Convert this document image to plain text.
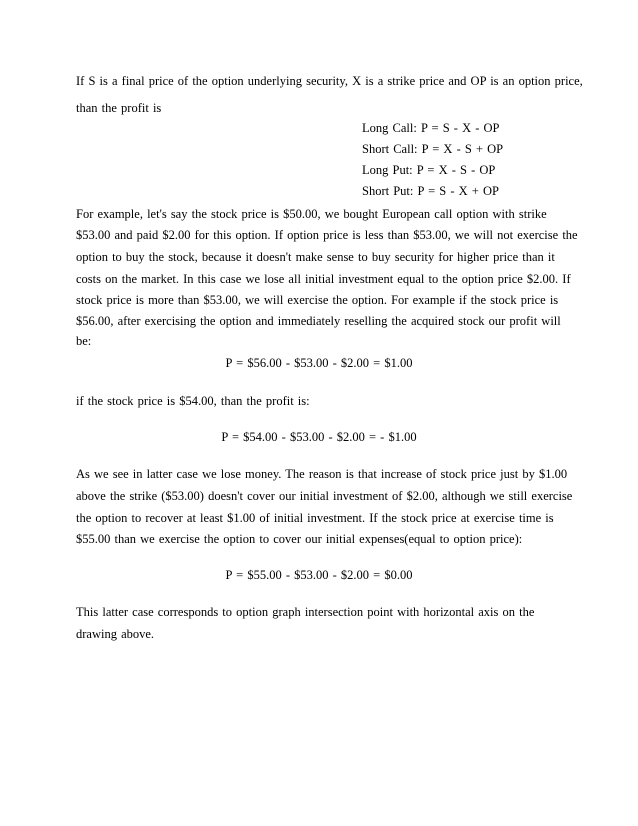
If S is a final price of the option underlying security, X is a strike price and OP is an option price,
than the profit is
Long Call: P = S - X - OP
Short Call: P = X - S + OP
Long Put: P = X - S - OP
Short Put: P = S - X + OP
For example, let's say the stock price is $50.00, we bought European call option with strike
$53.00 and paid $2.00 for this option. If option price is less than $53.00, we will not exercise the
option to buy the stock, because it doesn't make sense to buy security for higher price than it
costs on the market. In this case we lose all initial investment equal to the option price $2.00. If
stock price is more than $53.00, we will exercise the option. For example if the stock price is
$56.00, after exercising the option and immediately reselling the acquired stock our profit will
be:
P = $56.00 - $53.00 - $2.00 = $1.00
if the stock price is $54.00, than the profit is:
P = $54.00 - $53.00 - $2.00 = - $1.00
As we see in latter case we lose money. The reason is that increase of stock price just by $1.00
above the strike ($53.00) doesn't cover our initial investment of $2.00, although we still exercise
the option to recover at least $1.00 of initial investment. If the stock price at exercise time is
$55.00 than we exercise the option to cover our initial expenses(equal to option price):
P = $55.00 - $53.00 - $2.00 = $0.00
This latter case corresponds to option graph intersection point with horizontal axis on the
drawing above.
